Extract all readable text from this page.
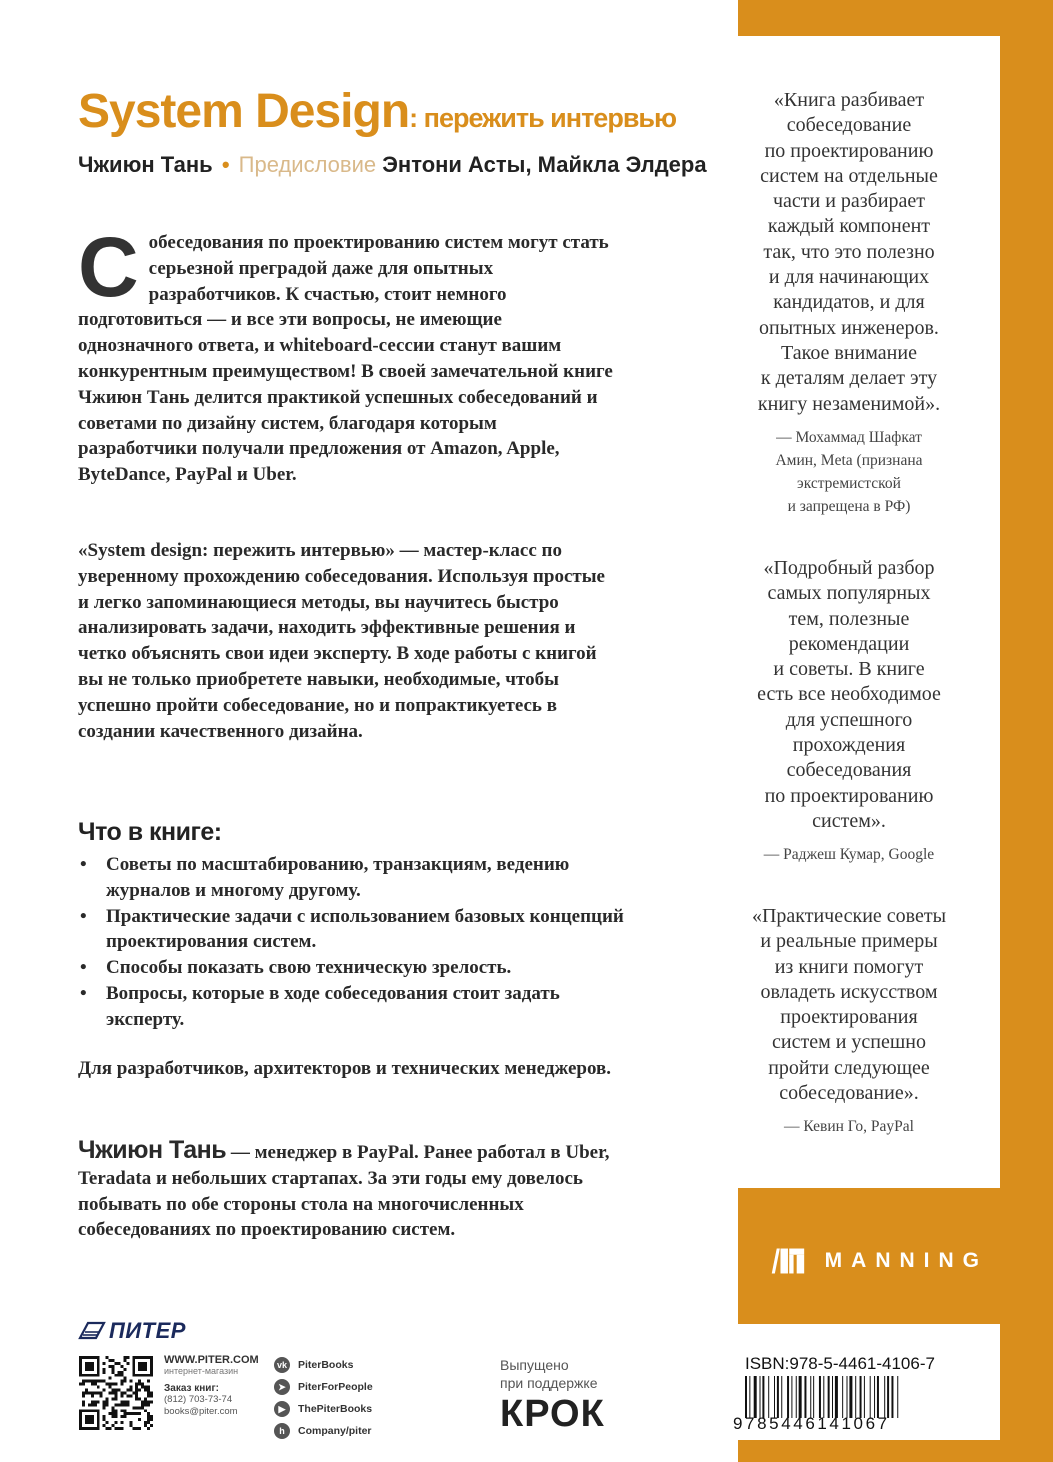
System Design: пережить интервью
Чжиюн Тань • Предисловие Энтони Асты, Майкла Элдера
Собеседования по проектированию систем могут стать серьезной преградой даже для опытных разработчиков. К счастью, стоит немного подготовиться — и все эти вопросы, не имеющие однозначного ответа, и whiteboard-сессии станут вашим конкурентным преимуществом! В своей замечательной книге Чжиюн Тань делится практикой успешных собеседований и советами по дизайну систем, благодаря которым разработчики получали предложения от Amazon, Apple, ByteDance, PayPal и Uber.
«System design: пережить интервью» — мастер-класс по уверенному прохождению собеседования. Используя простые и легко запоминающиеся методы, вы научитесь быстро анализировать задачи, находить эффективные решения и четко объяснять свои идеи эксперту. В ходе работы с книгой вы не только приобретете навыки, необходимые, чтобы успешно пройти собеседование, но и попрактикуетесь в создании качественного дизайна.
Что в книге:
• Советы по масштабированию, транзакциям, ведению журналов и многому другому.
• Практические задачи с использованием базовых концепций проектирования систем.
• Способы показать свою техническую зрелость.
• Вопросы, которые в ходе собеседования стоит задать эксперту.
Для разработчиков, архитекторов и технических менеджеров.
Чжиюн Тань — менеджер в PayPal. Ранее работал в Uber, Teradata и небольших стартапах. За эти годы ему довелось побывать по обе стороны стола на многочисленных собеседованиях по проектированию систем.
«Книга разбивает
собеседование
по проектированию
систем на отдельные
части и разбирает
каждый компонент
так, что это полезно
и для начинающих
кандидатов, и для
опытных инженеров.
Такое внимание
к деталям делает эту
книгу незаменимой».
— Мохаммад Шафкат
Амин, Meta (признана
экстремистской
и запрещена в РФ)
«Подробный разбор
самых популярных
тем, полезные
рекомендации
и советы. В книге
есть все необходимое
для успешного
прохождения
собеседования
по проектированию
систем».
— Раджеш Кумар, Google
«Практические советы
и реальные примеры
из книги помогут
овладеть искусством
проектирования
систем и успешно
пройти следующее
собеседование».
— Кевин Го, PayPal
MANNING
ISBN:978-5-4461-4106-7
9785446141067
ПИТЕР
WWW.PITER.COM
интернет-магазин
Заказ книг:
(812) 703-73-74
books@piter.com
vk PiterBooks
➤	PiterForPeople
▶	ThePiterBooks
h	Company/piter
Выпущено
при поддержке
КРОК
